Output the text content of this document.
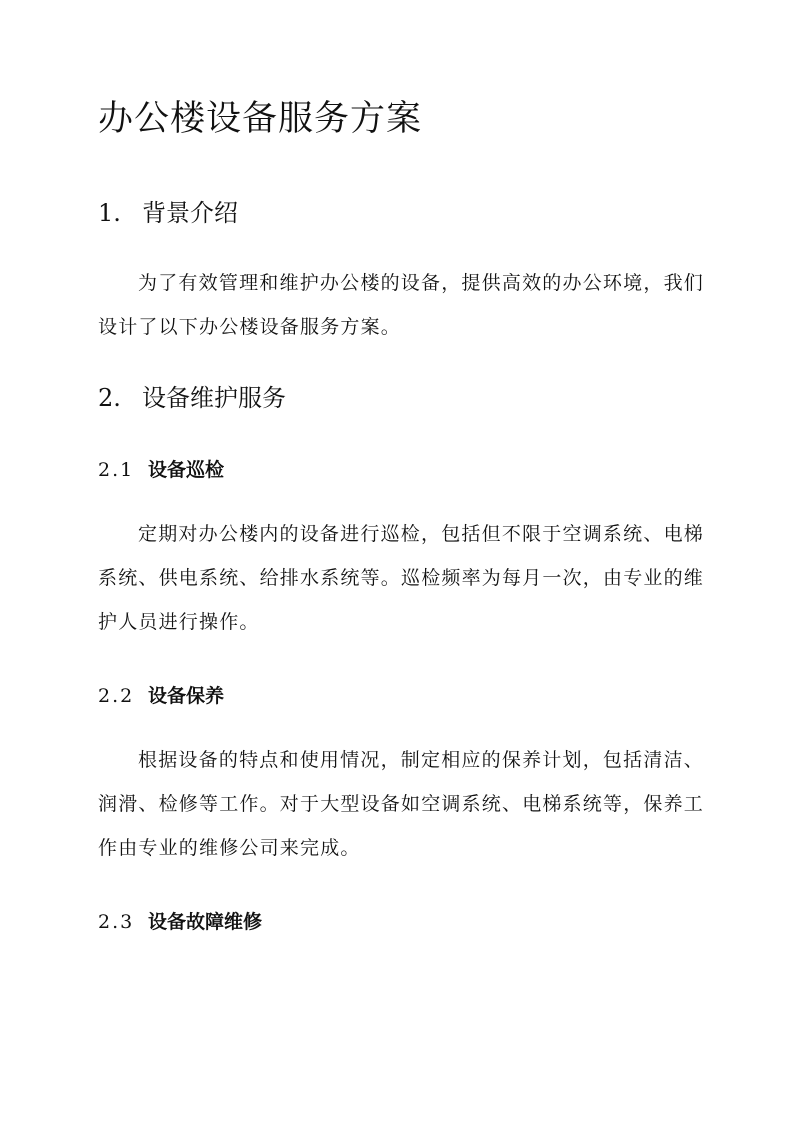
办公楼设备服务方案
1. 背景介绍

为了有效管理和维护办公楼的设备，提供高效的办公环境，我们设计了以下办公楼设备服务方案。

2. 设备维护服务
2.1 设备巡检

定期对办公楼内的设备进行巡检，包括但不限于空调系统、电梯系统、供电系统、给排水系统等。巡检频率为每月一次，由专业的维护人员进行操作。

2.2 设备保养

根据设备的特点和使用情况，制定相应的保养计划，包括清洁、润滑、检修等工作。对于大型设备如空调系统、电梯系统等，保养工作由专业的维修公司来完成。

2.3 设备故障维修
